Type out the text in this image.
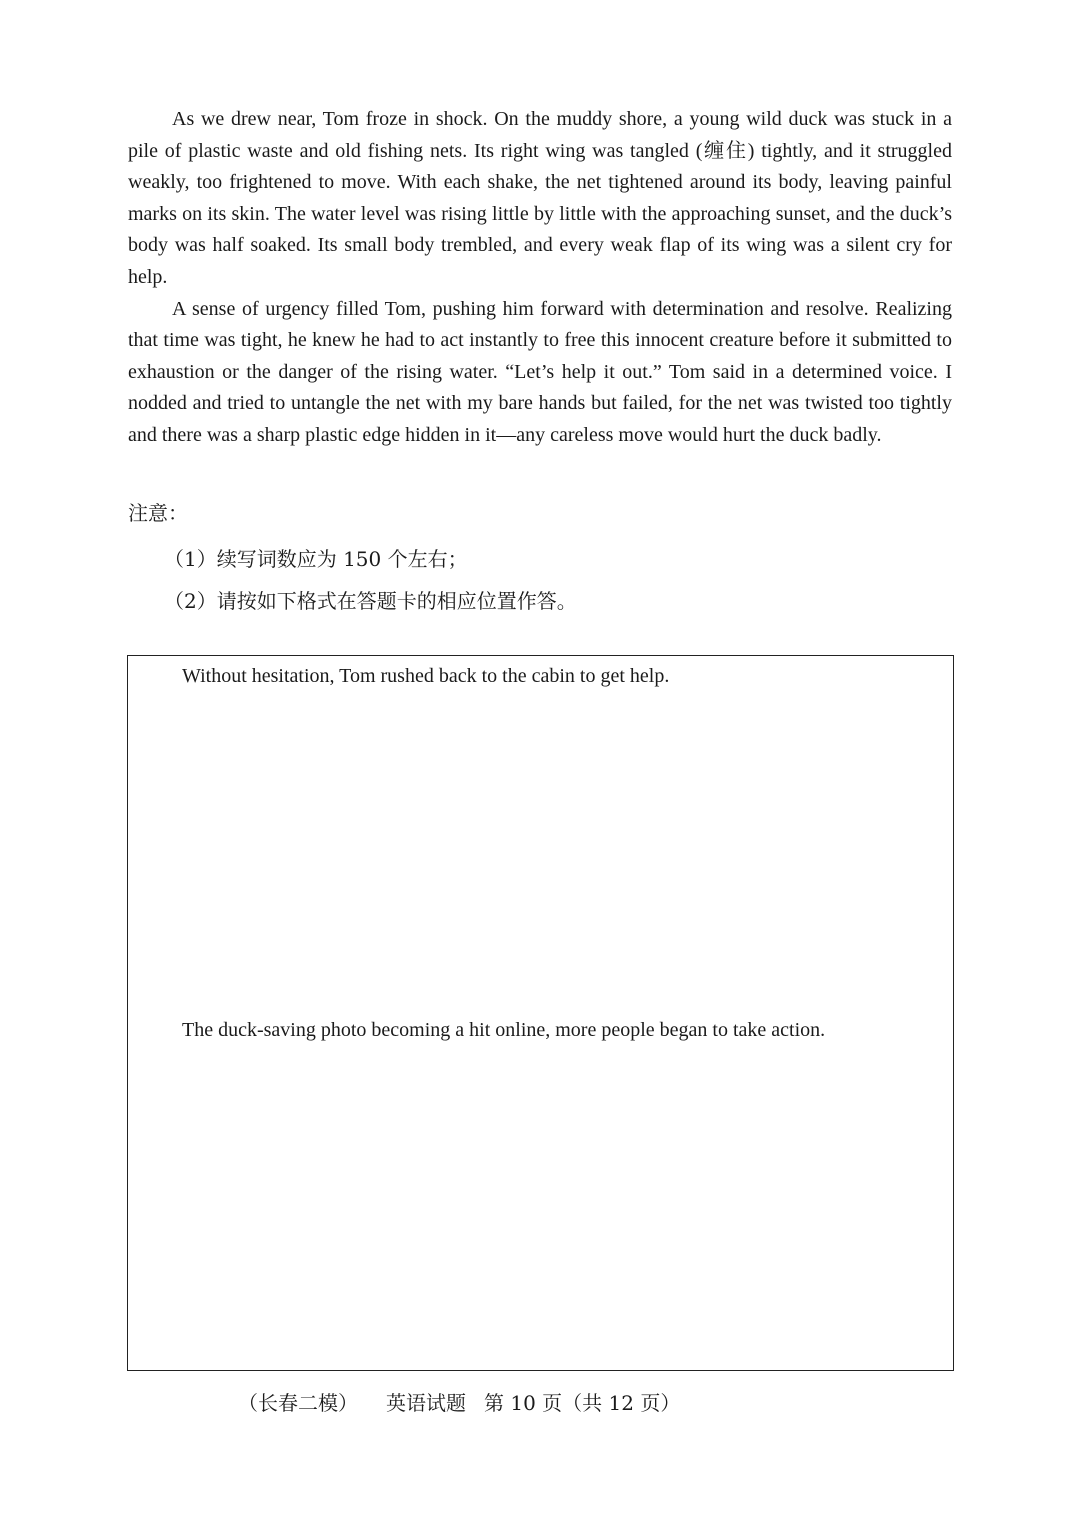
As we drew near, Tom froze in shock. On the muddy shore, a young wild duck was stuck in a pile of plastic waste and old fishing nets. Its right wing was tangled (缠住) tightly, and it struggled weakly, too frightened to move. With each shake, the net tightened around its body, leaving painful marks on its skin. The water level was rising little by little with the approaching sunset, and the duck’s body was half soaked. Its small body trembled, and every weak flap of its wing was a silent cry for help.

A sense of urgency filled Tom, pushing him forward with determination and resolve. Realizing that time was tight, he knew he had to act instantly to free this innocent creature before it submitted to exhaustion or the danger of the rising water. “Let’s help it out.” Tom said in a determined voice. I nodded and tried to untangle the net with my bare hands but failed, for the net was twisted too tightly and there was a sharp plastic edge hidden in it—any careless move would hurt the duck badly.

注意：

（1）续写词数应为 150 个左右；

（2）请按如下格式在答题卡的相应位置作答。

Without hesitation, Tom rushed back to the cabin to get help.

The duck-saving photo becoming a hit online, more people began to take action.

（长春二模） 英语试题 第 10 页（共 12 页）
